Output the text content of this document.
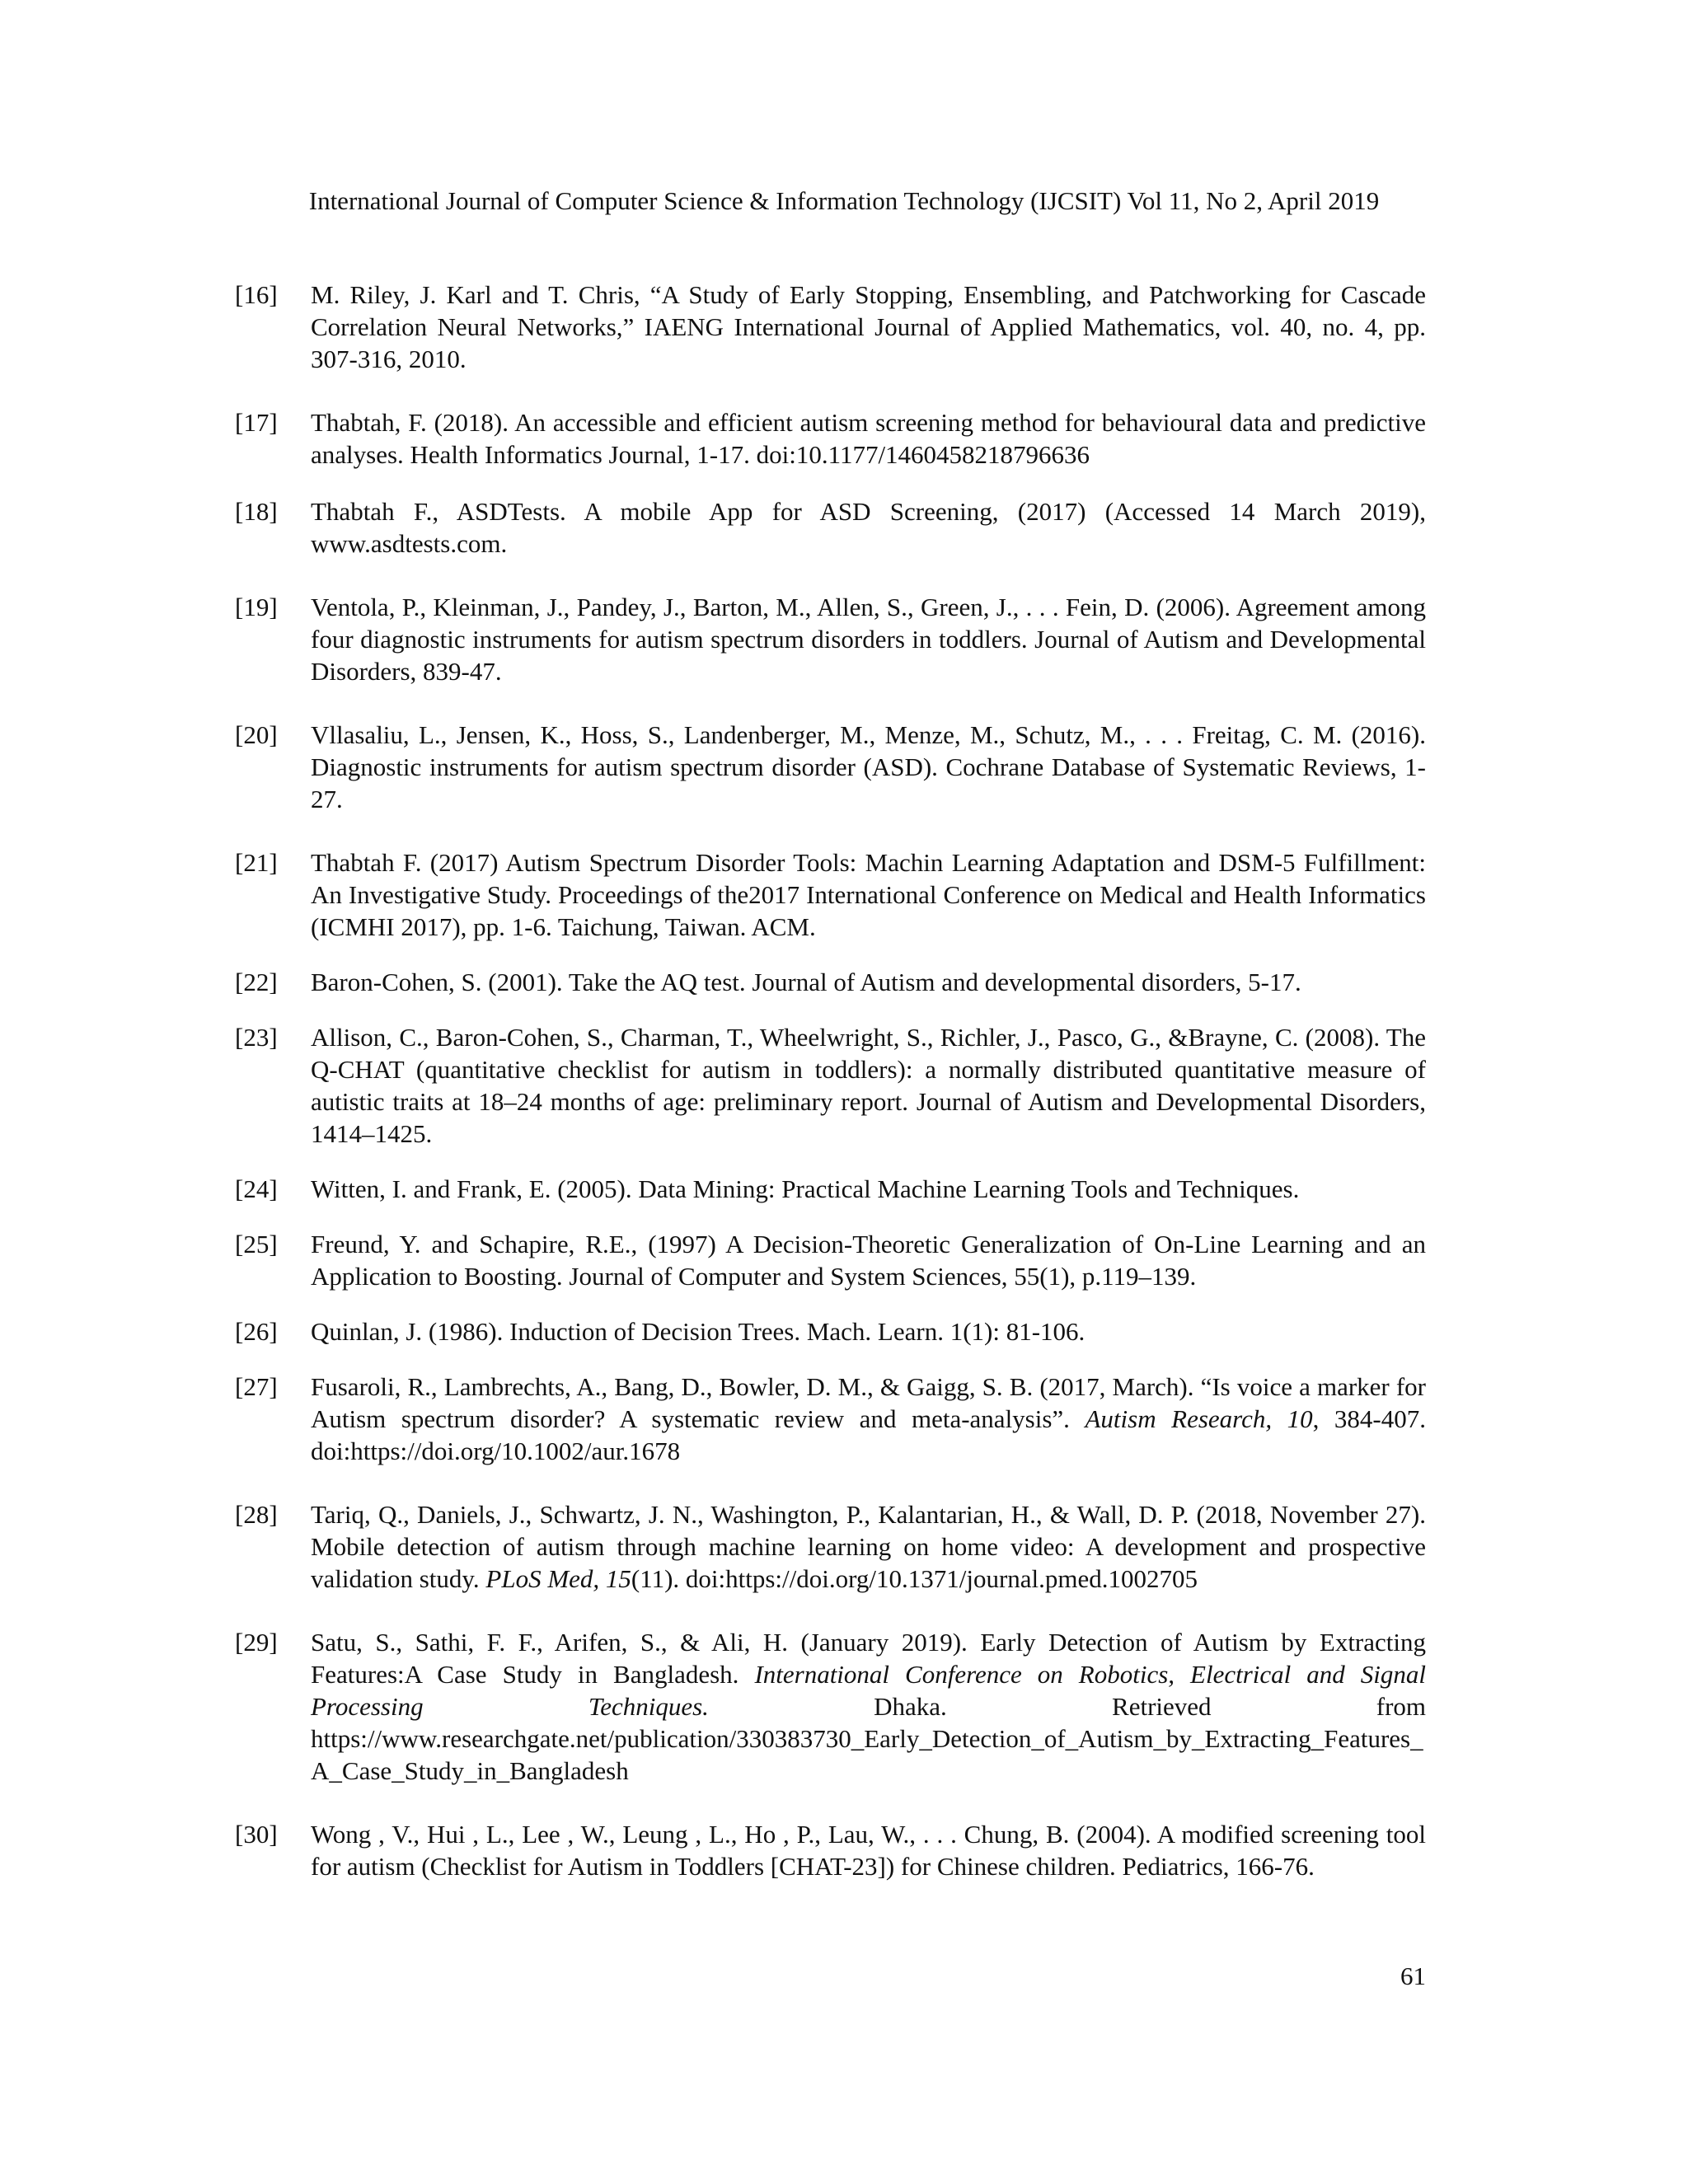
International Journal of Computer Science & Information Technology (IJCSIT) Vol 11, No 2, April 2019
[16]	M. Riley, J. Karl and T. Chris, “A Study of Early Stopping, Ensembling, and Patchworking for Cascade Correlation Neural Networks,” IAENG International Journal of Applied Mathematics, vol. 40, no. 4, pp. 307-316, 2010.
[17]	Thabtah, F. (2018). An accessible and efficient autism screening method for behavioural data and predictive analyses. Health Informatics Journal, 1-17. doi:10.1177/1460458218796636
[18]	Thabtah F., ASDTests. A mobile App for ASD Screening, (2017) (Accessed 14 March 2019), www.asdtests.com.
[19]	Ventola, P., Kleinman, J., Pandey, J., Barton, M., Allen, S., Green, J., . . . Fein, D. (2006). Agreement among four diagnostic instruments for autism spectrum disorders in toddlers. Journal of Autism and Developmental Disorders, 839-47.
[20]	Vllasaliu, L., Jensen, K., Hoss, S., Landenberger, M., Menze, M., Schutz, M., . . . Freitag, C. M. (2016). Diagnostic instruments for autism spectrum disorder (ASD). Cochrane Database of Systematic Reviews, 1-27.
[21]	Thabtah F. (2017) Autism Spectrum Disorder Tools: Machin Learning Adaptation and DSM-5 Fulfillment: An Investigative Study. Proceedings of the2017 International Conference on Medical and Health Informatics (ICMHI 2017), pp. 1-6. Taichung, Taiwan. ACM.
[22]	Baron-Cohen, S. (2001). Take the AQ test. Journal of Autism and developmental disorders, 5-17.
[23]	Allison, C., Baron-Cohen, S., Charman, T., Wheelwright, S., Richler, J., Pasco, G., &Brayne, C. (2008). The Q-CHAT (quantitative checklist for autism in toddlers): a normally distributed quantitative measure of autistic traits at 18–24 months of age: preliminary report. Journal of Autism and Developmental Disorders, 1414–1425.
[24]	Witten, I. and Frank, E. (2005). Data Mining: Practical Machine Learning Tools and Techniques.
[25]	Freund, Y. and Schapire, R.E., (1997) A Decision-Theoretic Generalization of On-Line Learning and an Application to Boosting. Journal of Computer and System Sciences, 55(1), p.119–139.
[26]	Quinlan, J. (1986). Induction of Decision Trees. Mach. Learn. 1(1): 81-106.
[27]	Fusaroli, R., Lambrechts, A., Bang, D., Bowler, D. M., & Gaigg, S. B. (2017, March). “Is voice a marker for Autism spectrum disorder? A systematic review and meta-analysis”. Autism Research, 10, 384-407. doi:https://doi.org/10.1002/aur.1678
[28]	Tariq, Q., Daniels, J., Schwartz, J. N., Washington, P., Kalantarian, H., & Wall, D. P. (2018, November 27). Mobile detection of autism through machine learning on home video: A development and prospective validation study. PLoS Med, 15(11). doi:https://doi.org/10.1371/journal.pmed.1002705
[29]	Satu, S., Sathi, F. F., Arifen, S., & Ali, H. (January 2019). Early Detection of Autism by Extracting Features:A Case Study in Bangladesh. International Conference on Robotics, Electrical and Signal Processing Techniques. Dhaka. Retrieved from https://www.researchgate.net/publication/330383730_Early_Detection_of_Autism_by_Extracting_Features_A_Case_Study_in_Bangladesh
[30]	Wong , V., Hui , L., Lee , W., Leung , L., Ho , P., Lau, W., . . . Chung, B. (2004). A modified screening tool for autism (Checklist for Autism in Toddlers [CHAT-23]) for Chinese children. Pediatrics, 166-76.
61
